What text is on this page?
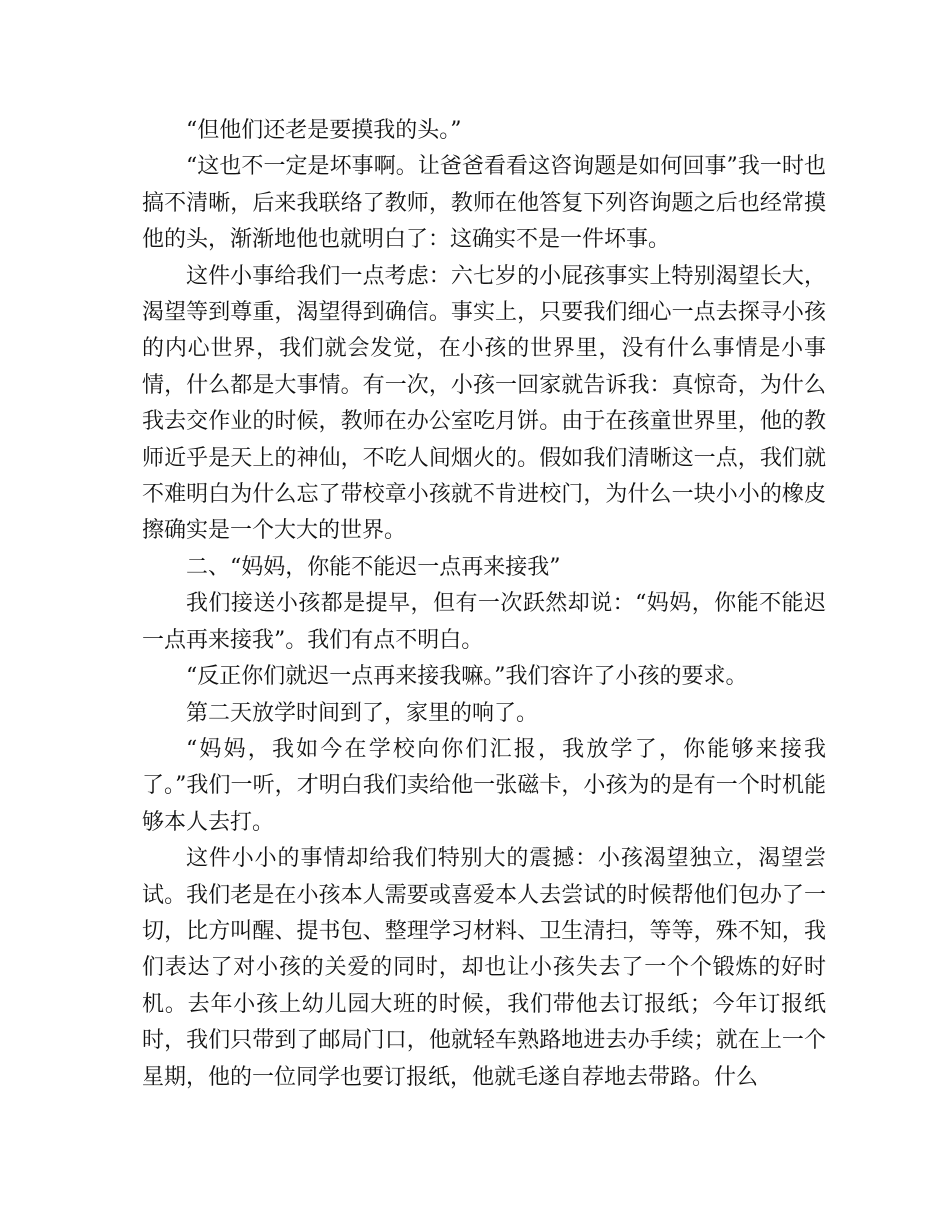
“但他们还老是要摸我的头。”

“这也不一定是坏事啊。让爸爸看看这咨询题是如何回事”我一时也搞不清晰，后来我联络了教师，教师在他答复下列咨询题之后也经常摸他的头，渐渐地他也就明白了：这确实不是一件坏事。

这件小事给我们一点考虑：六七岁的小屁孩事实上特别渴望长大，渴望等到尊重，渴望得到确信。事实上，只要我们细心一点去探寻小孩的内心世界，我们就会发觉，在小孩的世界里，没有什么事情是小事情，什么都是大事情。有一次，小孩一回家就告诉我：真惊奇，为什么我去交作业的时候，教师在办公室吃月饼。由于在孩童世界里，他的教师近乎是天上的神仙，不吃人间烟火的。假如我们清晰这一点，我们就不难明白为什么忘了带校章小孩就不肯进校门，为什么一块小小的橡皮擦确实是一个大大的世界。

二、“妈妈，你能不能迟一点再来接我”

我们接送小孩都是提早，但有一次跃然却说：“妈妈，你能不能迟一点再来接我”。我们有点不明白。

“反正你们就迟一点再来接我嘛。”我们容许了小孩的要求。

第二天放学时间到了，家里的响了。

“妈妈，我如今在学校向你们汇报，我放学了，你能够来接我了。”我们一听，才明白我们卖给他一张磁卡，小孩为的是有一个时机能够本人去打。

这件小小的事情却给我们特别大的震撼：小孩渴望独立，渴望尝试。我们老是在小孩本人需要或喜爱本人去尝试的时候帮他们包办了一切，比方叫醒、提书包、整理学习材料、卫生清扫，等等，殊不知，我们表达了对小孩的关爱的同时，却也让小孩失去了一个个锻炼的好时机。去年小孩上幼儿园大班的时候，我们带他去订报纸；今年订报纸时，我们只带到了邮局门口，他就轻车熟路地进去办手续；就在上一个星期，他的一位同学也要订报纸，他就毛遂自荐地去带路。什么
